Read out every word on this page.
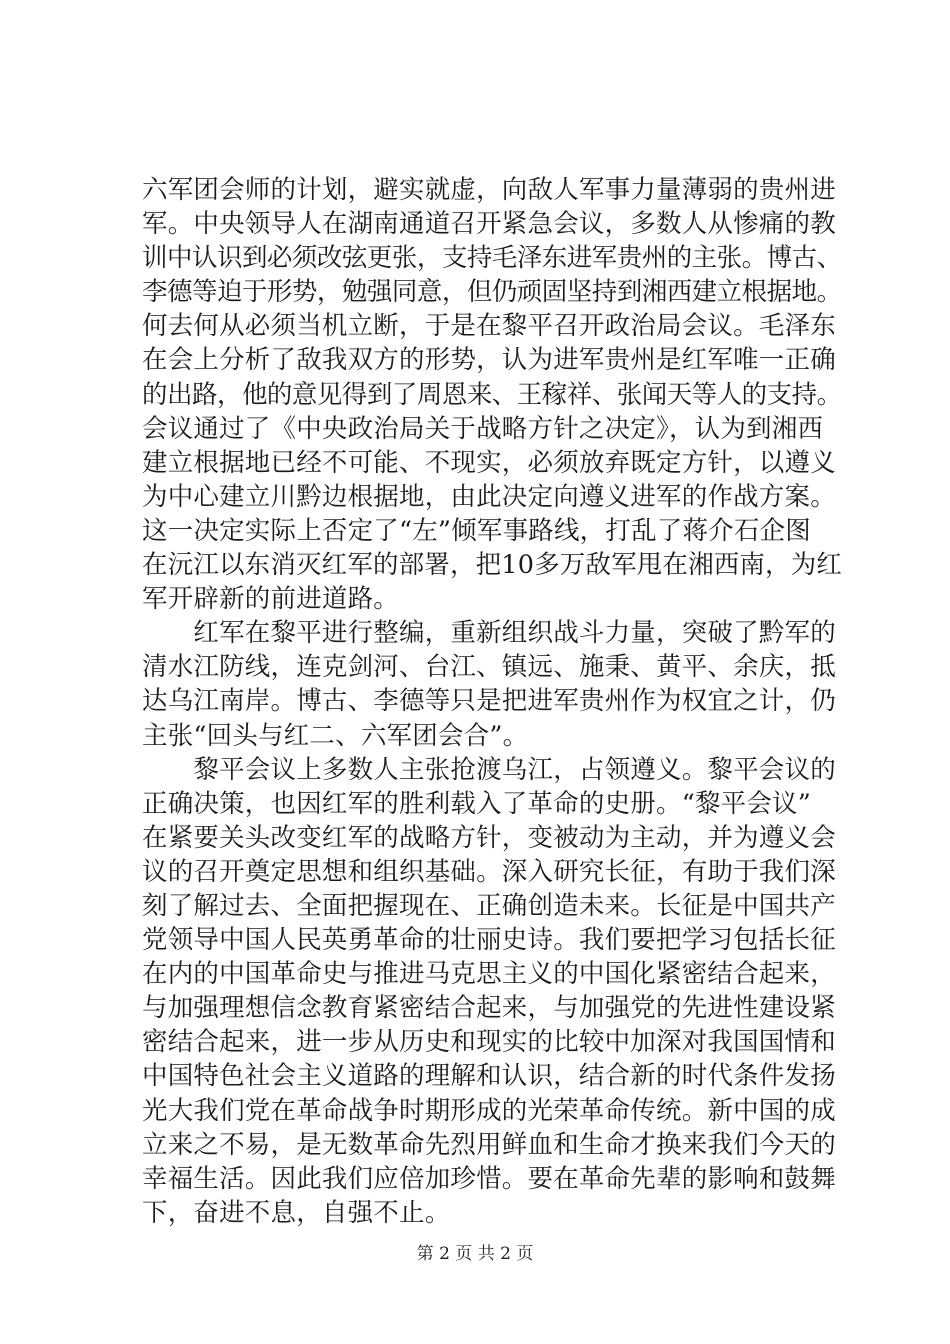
六军团会师的计划，避实就虚，向敌人军事力量薄弱的贵州进
军。中央领导人在湖南通道召开紧急会议，多数人从惨痛的教
训中认识到必须改弦更张，支持毛泽东进军贵州的主张。博古、
李德等迫于形势，勉强同意，但仍顽固坚持到湘西建立根据地。
何去何从必须当机立断，于是在黎平召开政治局会议。毛泽东
在会上分析了敌我双方的形势，认为进军贵州是红军唯一正确
的出路，他的意见得到了周恩来、王稼祥、张闻天等人的支持。
会议通过了《中央政治局关于战略方针之决定》，认为到湘西
建立根据地已经不可能、不现实，必须放弃既定方针，以遵义
为中心建立川黔边根据地，由此决定向遵义进军的作战方案。
这一决定实际上否定了“左”倾军事路线，打乱了蒋介石企图
在沅江以东消灭红军的部署，把10多万敌军甩在湘西南，为红
军开辟新的前进道路。
　　红军在黎平进行整编，重新组织战斗力量，突破了黔军的
清水江防线，连克剑河、台江、镇远、施秉、黄平、余庆，抵
达乌江南岸。博古、李德等只是把进军贵州作为权宜之计，仍
主张“回头与红二、六军团会合”。
　　黎平会议上多数人主张抢渡乌江，占领遵义。黎平会议的
正确决策，也因红军的胜利载入了革命的史册。“黎平会议”
在紧要关头改变红军的战略方针，变被动为主动，并为遵义会
议的召开奠定思想和组织基础。深入研究长征，有助于我们深
刻了解过去、全面把握现在、正确创造未来。长征是中国共产
党领导中国人民英勇革命的壮丽史诗。我们要把学习包括长征
在内的中国革命史与推进马克思主义的中国化紧密结合起来，
与加强理想信念教育紧密结合起来，与加强党的先进性建设紧
密结合起来，进一步从历史和现实的比较中加深对我国国情和
中国特色社会主义道路的理解和认识，结合新的时代条件发扬
光大我们党在革命战争时期形成的光荣革命传统。新中国的成
立来之不易，是无数革命先烈用鲜血和生命才换来我们今天的
幸福生活。因此我们应倍加珍惜。要在革命先辈的影响和鼓舞
下，奋进不息，自强不止。
第 2 页 共 2 页
